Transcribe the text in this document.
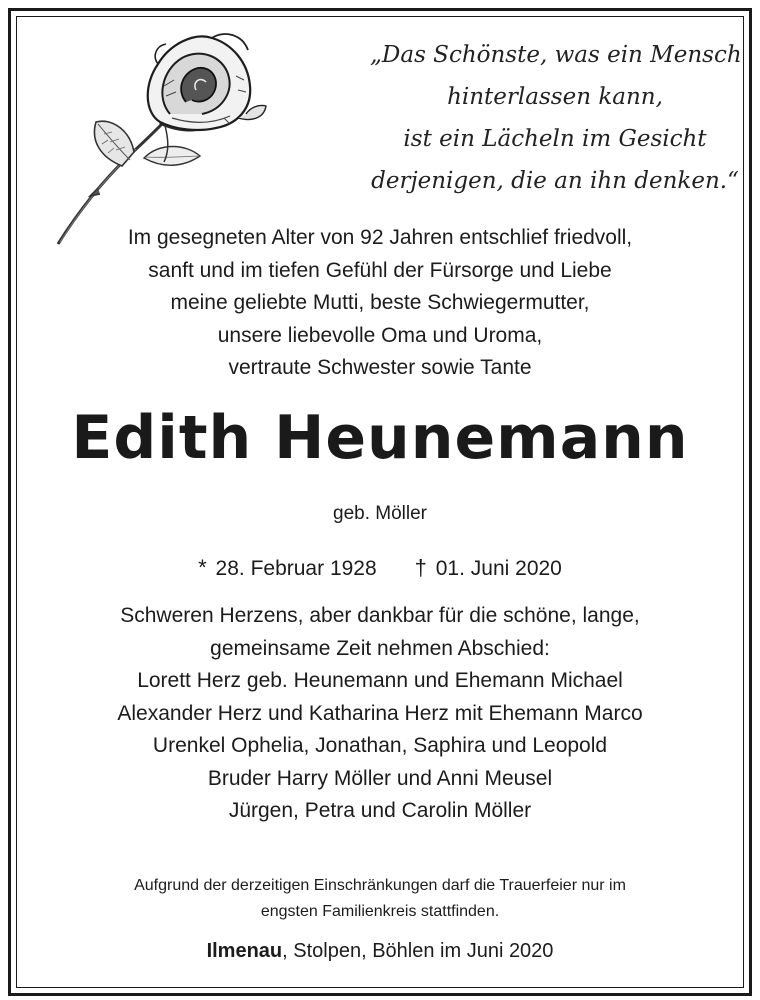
„Das Schönste, was ein Mensch
hinterlassen kann,
ist ein Lächeln im Gesicht
derjenigen, die an ihn denken.“
Im gesegneten Alter von 92 Jahren entschlief friedvoll,
sanft und im tiefen Gefühl der Fürsorge und Liebe
meine geliebte Mutti, beste Schwiegermutter,
unsere liebevolle Oma und Uroma,
vertraute Schwester sowie Tante
Edith Heunemann
geb. Möller
* 28. Februar 1928 † 01. Juni 2020
Schweren Herzens, aber dankbar für die schöne, lange,
gemeinsame Zeit nehmen Abschied:
Lorett Herz geb. Heunemann und Ehemann Michael
Alexander Herz und Katharina Herz mit Ehemann Marco
Urenkel Ophelia, Jonathan, Saphira und Leopold
Bruder Harry Möller und Anni Meusel
Jürgen, Petra und Carolin Möller
Aufgrund der derzeitigen Einschränkungen darf die Trauerfeier nur im
engsten Familienkreis stattfinden.
Ilmenau, Stolpen, Böhlen im Juni 2020
